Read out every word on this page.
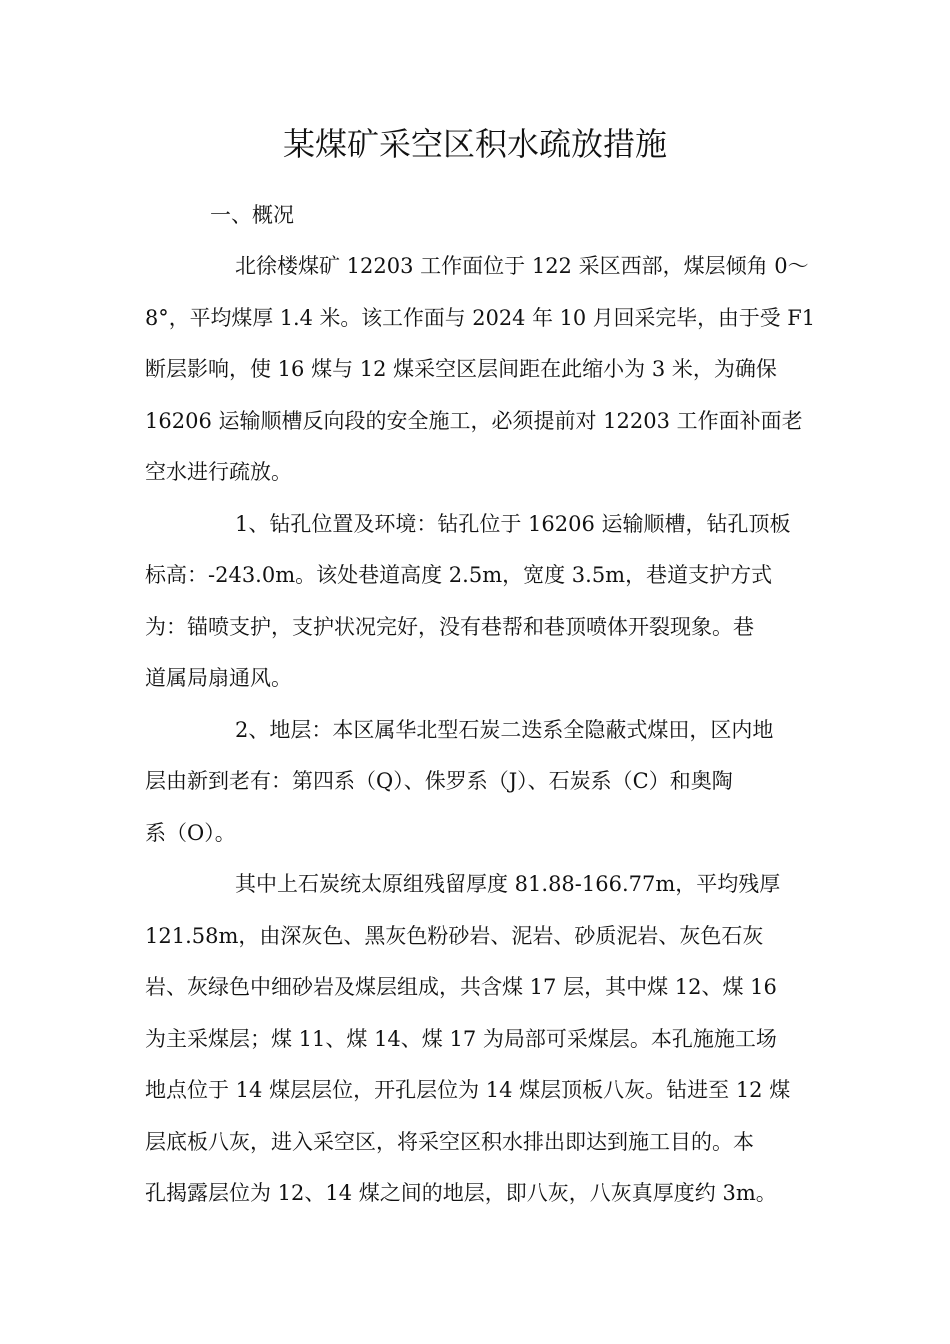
某煤矿采空区积水疏放措施
一、概况
北徐楼煤矿 12203 工作面位于 122 采区西部，煤层倾角 0～
8°，平均煤厚 1.4 米。该工作面与 2024 年 10 月回采完毕，由于受 F1
断层影响，使 16 煤与 12 煤采空区层间距在此缩小为 3 米，为确保
16206 运输顺槽反向段的安全施工，必须提前对 12203 工作面补面老
空水进行疏放。
1、钻孔位置及环境：钻孔位于 16206 运输顺槽，钻孔顶板
标高：-243.0m。该处巷道高度 2.5m，宽度 3.5m，巷道支护方式
为：锚喷支护，支护状况完好，没有巷帮和巷顶喷体开裂现象。巷
道属局扇通风。
2、地层：本区属华北型石炭二迭系全隐蔽式煤田，区内地
层由新到老有：第四系（Q）、侏罗系（J）、石炭系（C）和奥陶
系（O）。
其中上石炭统太原组残留厚度 81.88-166.77m，平均残厚
121.58m，由深灰色、黑灰色粉砂岩、泥岩、砂质泥岩、灰色石灰
岩、灰绿色中细砂岩及煤层组成，共含煤 17 层，其中煤 12、煤 16
为主采煤层；煤 11、煤 14、煤 17 为局部可采煤层。本孔施施工场
地点位于 14 煤层层位，开孔层位为 14 煤层顶板八灰。钻进至 12 煤
层底板八灰，进入采空区，将采空区积水排出即达到施工目的。本
孔揭露层位为 12、14 煤之间的地层，即八灰，八灰真厚度约 3m。
